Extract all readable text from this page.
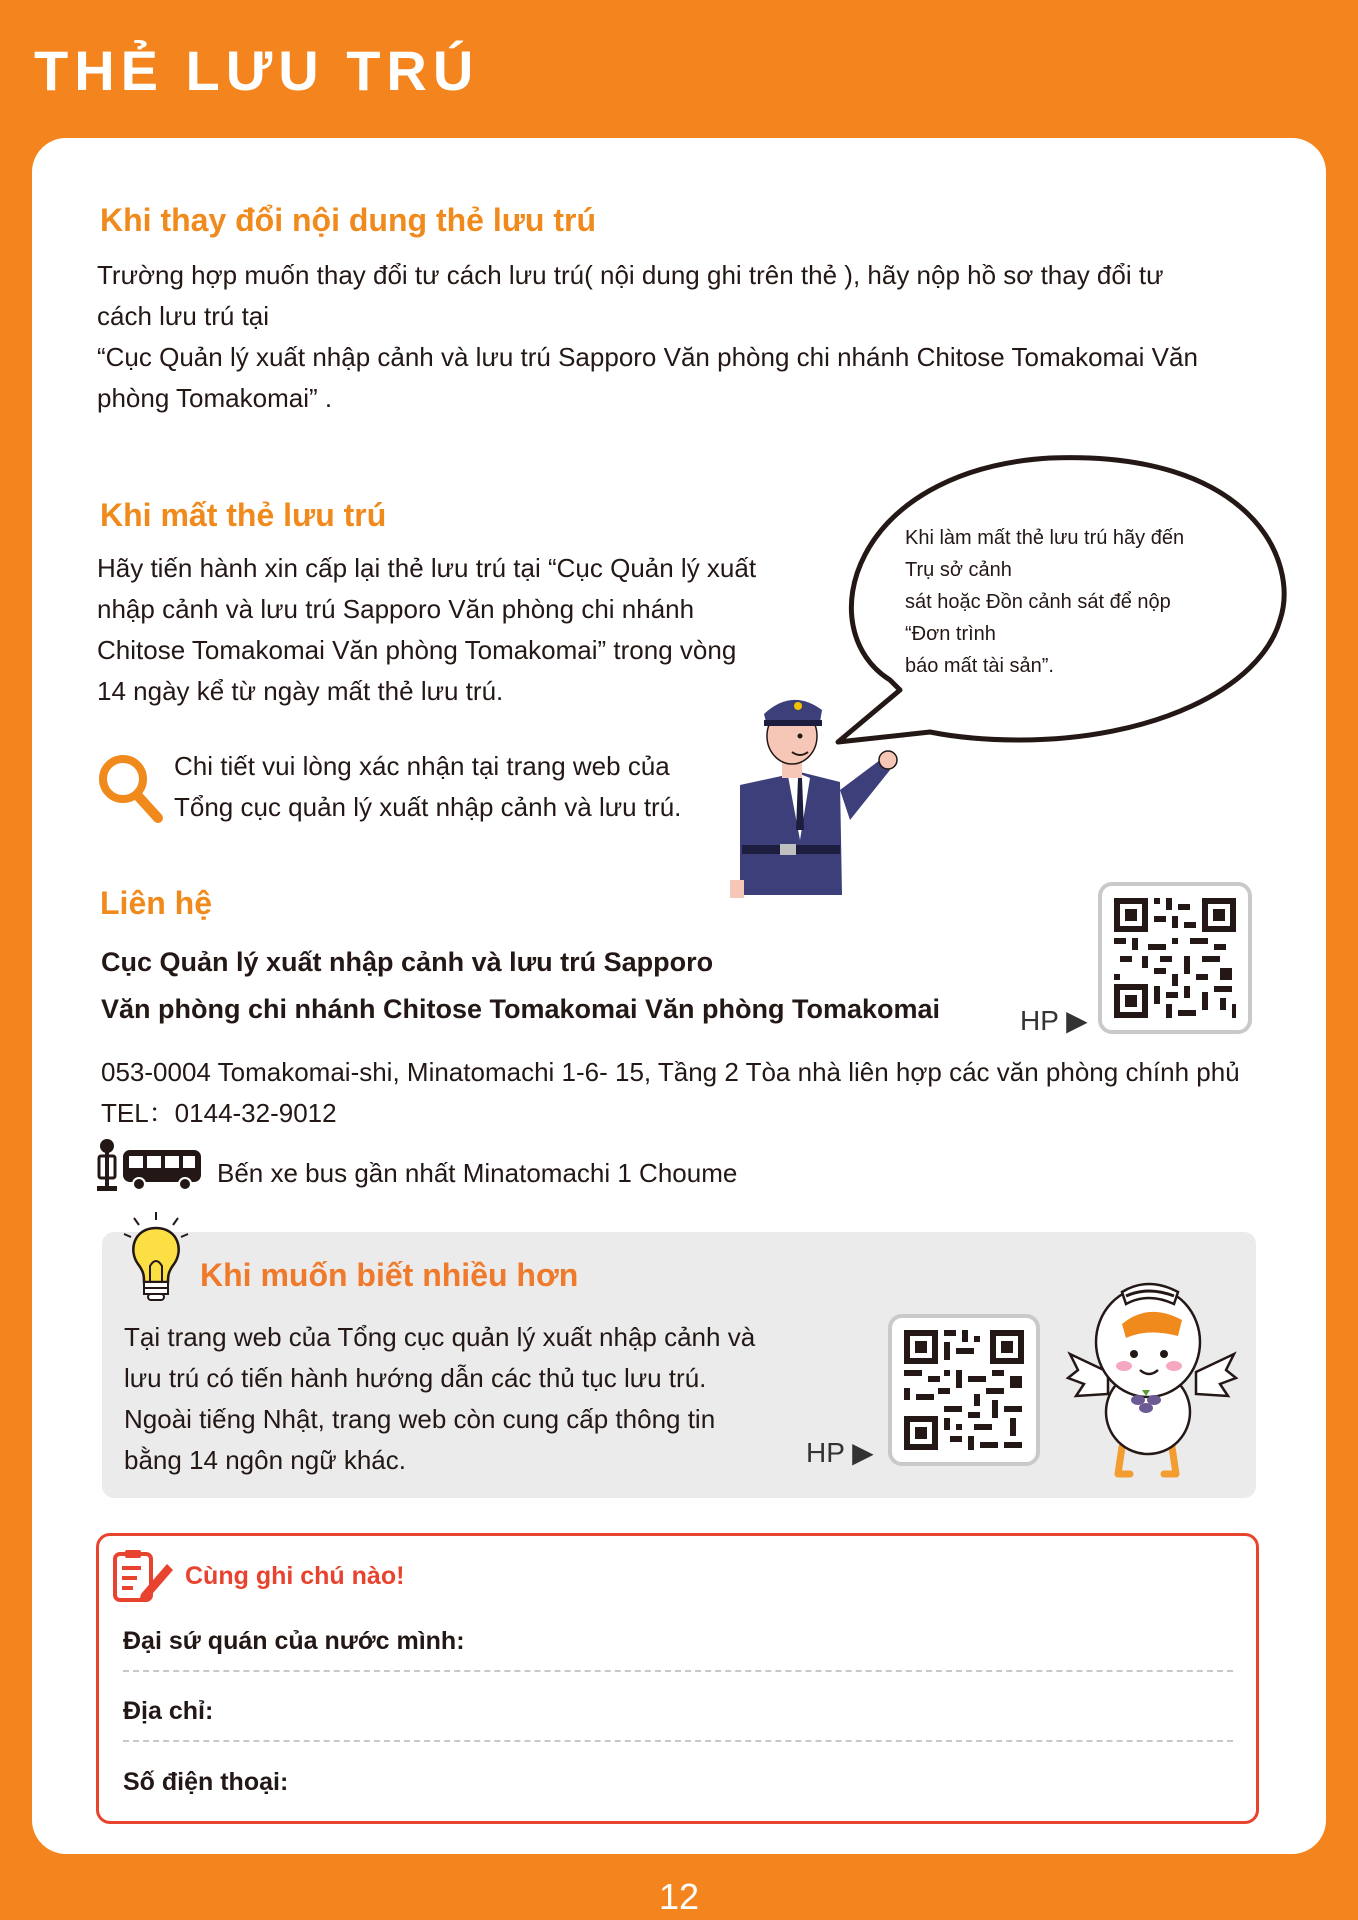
THẺ LƯU TRÚ
Khi thay đổi nội dung thẻ lưu trú
Trường hợp muốn thay đổi tư cách lưu trú( nội dung ghi trên thẻ ), hãy nộp hồ sơ thay đổi tư
cách lưu trú tại
“Cục Quản lý xuất nhập cảnh và lưu trú Sapporo Văn phòng chi nhánh Chitose Tomakomai Văn
phòng Tomakomai” .
Khi mất thẻ lưu trú
Hãy tiến hành xin cấp lại thẻ lưu trú tại “Cục Quản lý xuất
nhập cảnh và lưu trú Sapporo Văn phòng chi nhánh
Chitose Tomakomai Văn phòng Tomakomai” trong vòng
14 ngày kể từ ngày mất thẻ lưu trú.
Chi tiết vui lòng xác nhận tại trang web của
Tổng cục quản lý xuất nhập cảnh và lưu trú.
Khi làm mất thẻ lưu trú hãy đến
Trụ sở cảnh
sát hoặc Đồn cảnh sát để nộp
“Đơn trình
báo mất tài sản”.
Liên hệ
Cục Quản lý xuất nhập cảnh và lưu trú Sapporo
Văn phòng chi nhánh Chitose Tomakomai Văn phòng Tomakomai	HP ▶
053-0004 Tomakomai-shi, Minatomachi 1-6- 15, Tầng 2 Tòa nhà liên hợp các văn phòng chính phủ
TEL：0144-32-9012
Bến xe bus gần nhất Minatomachi 1 Choume
Khi muốn biết nhiều hơn
Tại trang web của Tổng cục quản lý xuất nhập cảnh và
lưu trú có tiến hành hướng dẫn các thủ tục lưu trú.
Ngoài tiếng Nhật, trang web còn cung cấp thông tin
bằng 14 ngôn ngữ khác.	HP ▶
Cùng ghi chú nào!
Đại sứ quán của nước mình:
Địa chỉ:
Số điện thoại:
12
